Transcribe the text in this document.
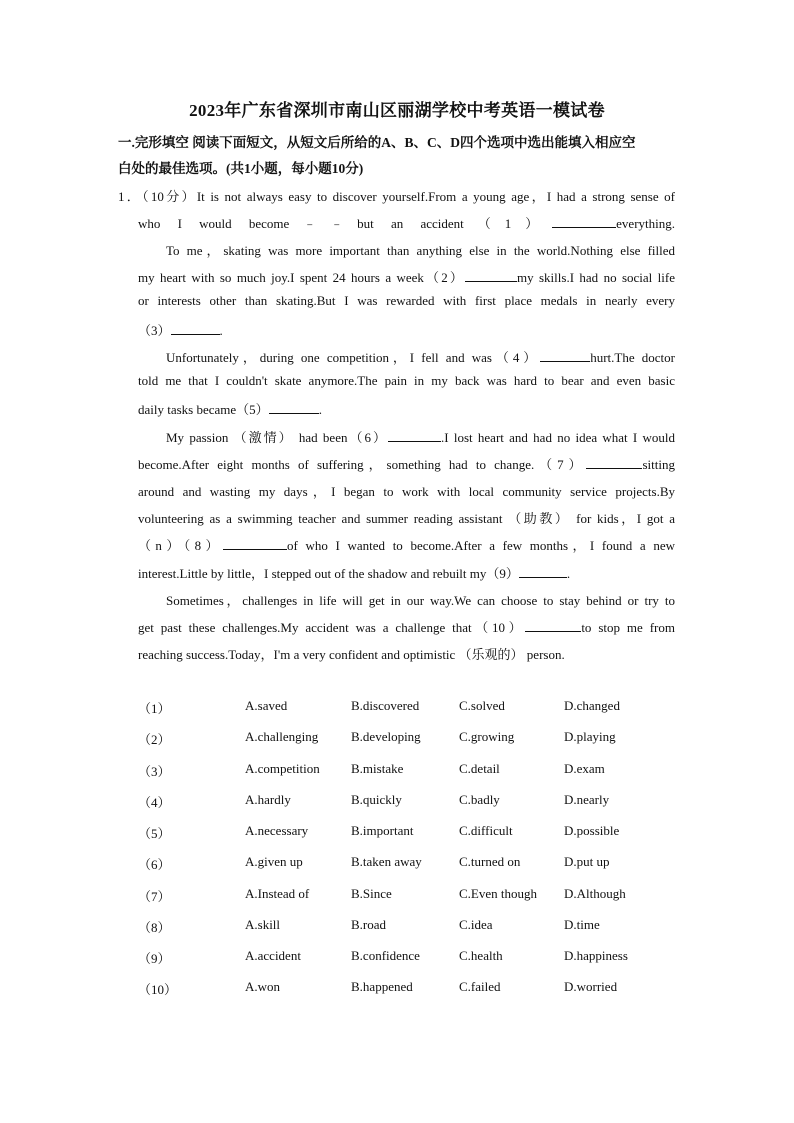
2023年广东省深圳市南山区丽湖学校中考英语一模试卷
一.完形填空 阅读下面短文，从短文后所给的A、B、C、D四个选项中选出能填入相应空
白处的最佳选项。(共1小题，每小题10分)
1．（10分）It is not always easy to discover yourself.From a young age，I had a strong sense of
who I would become﹣﹣but an accident（1）	everything.
To me，skating was more important than anything else in the world.Nothing else filled
my heart with so much joy.I spent 24 hours a week（2）	my skills.I had no social life
or interests other than skating.But I was rewarded with first place medals in nearly every
（3）	.
Unfortunately，during one competition，I fell and was（4）	hurt.The doctor
told me that I couldn't skate anymore.The pain in my back was hard to bear and even basic
daily tasks became（5）	.
My passion （激情） had been（6）	.I lost heart and had no idea what I would
become.After eight months of suffering，something had to change.（7）	sitting
around and wasting my days，I began to work with local community service projects.By
volunteering as a swimming teacher and summer reading assistant （助教） for kids，I got a
（n）（8）	of who I wanted to become.After a few months，I found a new
interest.Little by little，I stepped out of the shadow and rebuilt my（9）	.
Sometimes，challenges in life will get in our way.We can choose to stay behind or try to
get past these challenges.My accident was a challenge that（10）	to stop me from
reaching success.Today，I'm a very confident and optimistic （乐观的） person.
（1）	A.saved	B.discovered	C.solved	D.changed
（2）	A.challenging	B.developing	C.growing	D.playing
（3）	A.competition B.mistake	C.detail	D.exam
（4）	A.hardly	B.quickly	C.badly	D.nearly
（5）	A.necessary	B.important	C.difficult	D.possible
（6）	A.given up	B.taken away	C.turned on	D.put up
（7）	A.Instead of	B.Since	C.Even though D.Although
（8）	A.skill	B.road	C.idea	D.time
（9）	A.accident	B.confidence	C.health	D.happiness
（10）	A.won	B.happened	C.failed	D.worried
